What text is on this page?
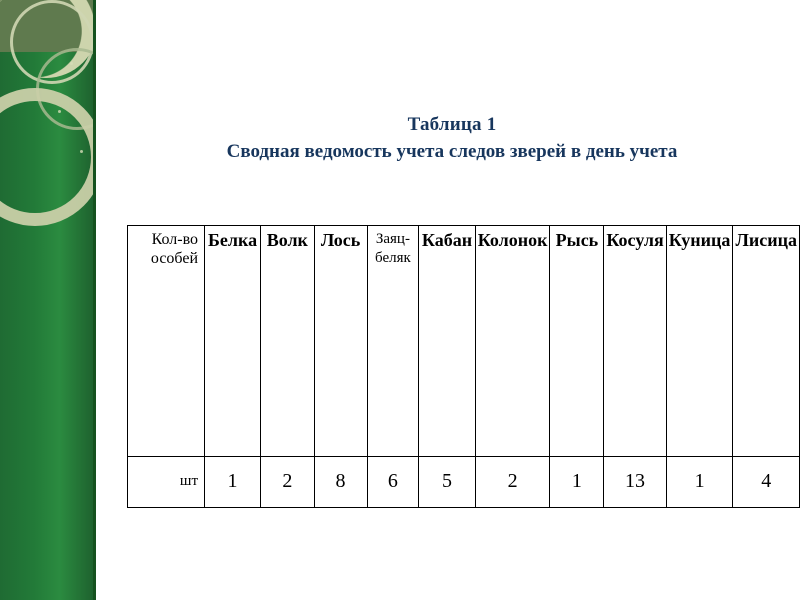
Таблица 1
Сводная ведомость учета следов зверей в день учета
Кол-во особей	Белка	Волк	Лось	Заяц-беляк	Кабан	Колонок	Рысь	Косуля	Куница	Лисица
шт	1	2	8	6	5	2	1	13	1	4
